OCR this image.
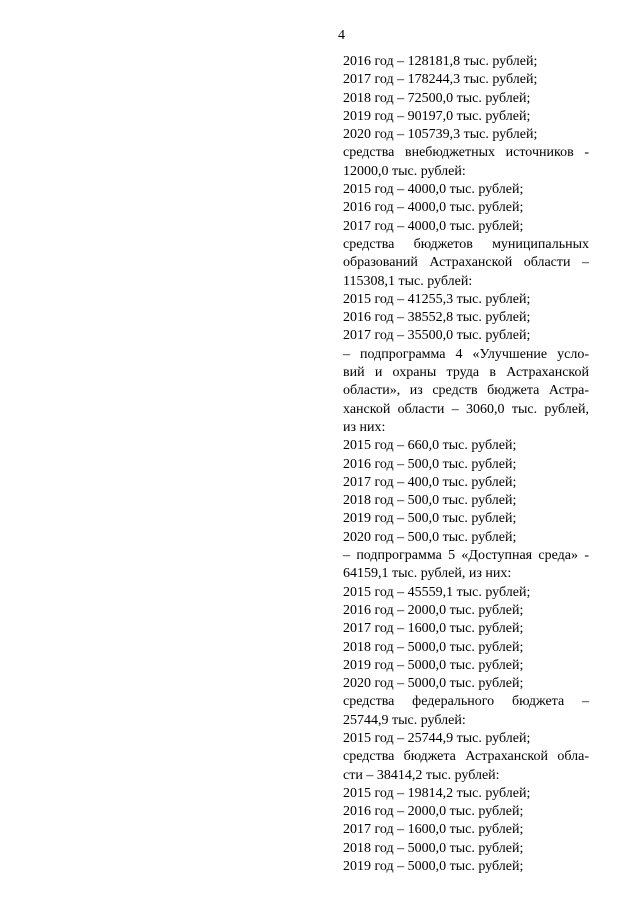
4
2016 год – 128181,8 тыс. рублей;
2017 год – 178244,3 тыс. рублей;
2018 год – 72500,0 тыс. рублей;
2019 год – 90197,0 тыс. рублей;
2020 год – 105739,3 тыс. рублей;
средства внебюджетных источников -
12000,0 тыс. рублей:
2015 год – 4000,0 тыс. рублей;
2016 год – 4000,0 тыс. рублей;
2017 год – 4000,0 тыс. рублей;
средства бюджетов муниципальных
образований Астраханской области –
115308,1 тыс. рублей:
2015 год – 41255,3 тыс. рублей;
2016 год – 38552,8 тыс. рублей;
2017 год – 35500,0 тыс. рублей;
– подпрограмма 4 «Улучшение усло-
вий и охраны труда в Астраханской
области», из средств бюджета Астра-
ханской области – 3060,0 тыс. рублей,
из них:
2015 год – 660,0 тыс. рублей;
2016 год – 500,0 тыс. рублей;
2017 год – 400,0 тыс. рублей;
2018 год – 500,0 тыс. рублей;
2019 год – 500,0 тыс. рублей;
2020 год – 500,0 тыс. рублей;
– подпрограмма 5 «Доступная среда» -
64159,1 тыс. рублей, из них:
2015 год – 45559,1 тыс. рублей;
2016 год – 2000,0 тыс. рублей;
2017 год – 1600,0 тыс. рублей;
2018 год – 5000,0 тыс. рублей;
2019 год – 5000,0 тыс. рублей;
2020 год – 5000,0 тыс. рублей;
средства федерального бюджета –
25744,9 тыс. рублей:
2015 год – 25744,9 тыс. рублей;
средства бюджета Астраханской обла-
сти – 38414,2 тыс. рублей:
2015 год – 19814,2 тыс. рублей;
2016 год – 2000,0 тыс. рублей;
2017 год – 1600,0 тыс. рублей;
2018 год – 5000,0 тыс. рублей;
2019 год – 5000,0 тыс. рублей;
